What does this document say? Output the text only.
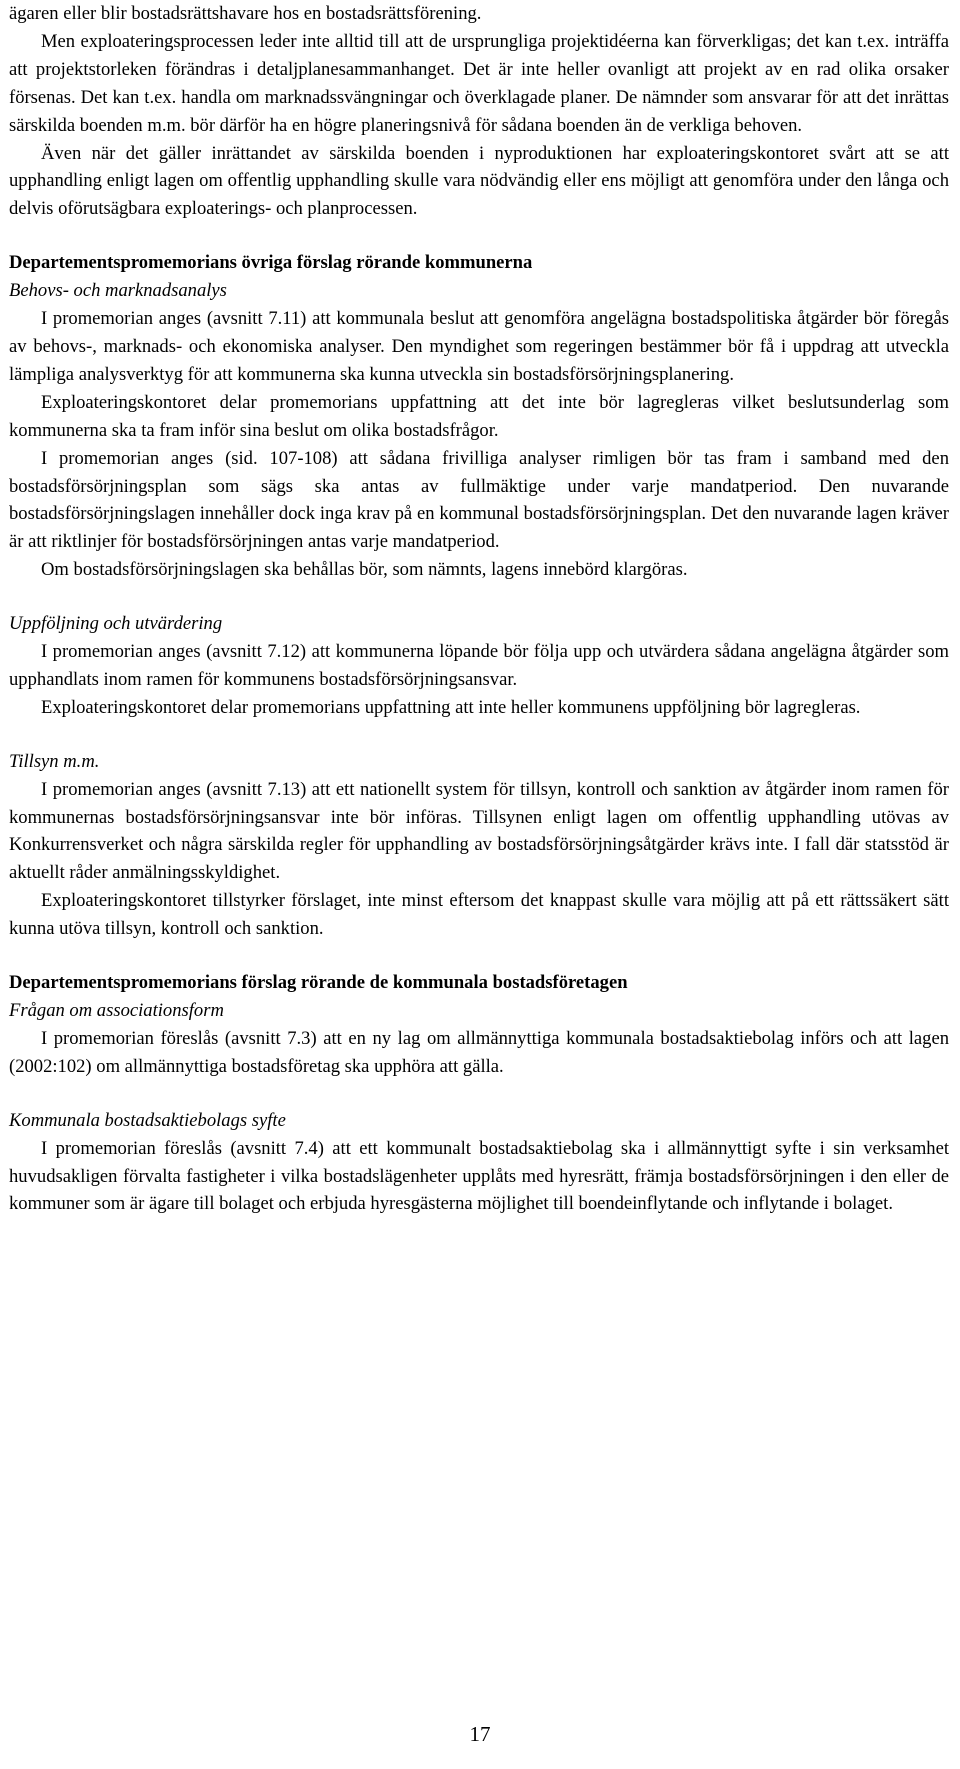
ägaren eller blir bostadsrättshavare hos en bostadsrättsförening.

Men exploateringsprocessen leder inte alltid till att de ursprungliga projektidéerna kan förverkligas; det kan t.ex. inträffa att projektstorleken förändras i detaljplanesammanhanget. Det är inte heller ovanligt att projekt av en rad olika orsaker försenas. Det kan t.ex. handla om marknadssvängningar och överklagade planer. De nämnder som ansvarar för att det inrättas särskilda boenden m.m. bör därför ha en högre planeringsnivå för sådana boenden än de verkliga behoven.

Även när det gäller inrättandet av särskilda boenden i nyproduktionen har exploateringskontoret svårt att se att upphandling enligt lagen om offentlig upphandling skulle vara nödvändig eller ens möjligt att genomföra under den långa och delvis oförutsägbara exploaterings- och planprocessen.

Departementspromemorians övriga förslag rörande kommunerna

Behovs- och marknadsanalys

I promemorian anges (avsnitt 7.11) att kommunala beslut att genomföra angelägna bostadspolitiska åtgärder bör föregås av behovs-, marknads- och ekonomiska analyser. Den myndighet som regeringen bestämmer bör få i uppdrag att utveckla lämpliga analysverktyg för att kommunerna ska kunna utveckla sin bostadsförsörjningsplanering.

Exploateringskontoret delar promemorians uppfattning att det inte bör lagregleras vilket beslutsunderlag som kommunerna ska ta fram inför sina beslut om olika bostadsfrågor.

I promemorian anges (sid. 107-108) att sådana frivilliga analyser rimligen bör tas fram i samband med den bostadsförsörjningsplan som sägs ska antas av fullmäktige under varje mandatperiod. Den nuvarande bostadsförsörjningslagen innehåller dock inga krav på en kommunal bostadsförsörjningsplan. Det den nuvarande lagen kräver är att riktlinjer för bostadsförsörjningen antas varje mandatperiod.

Om bostadsförsörjningslagen ska behållas bör, som nämnts, lagens innebörd klargöras.

Uppföljning och utvärdering

I promemorian anges (avsnitt 7.12) att kommunerna löpande bör följa upp och utvärdera sådana angelägna åtgärder som upphandlats inom ramen för kommunens bostadsförsörjningsansvar.

Exploateringskontoret delar promemorians uppfattning att inte heller kommunens uppföljning bör lagregleras.

Tillsyn m.m.

I promemorian anges (avsnitt 7.13) att ett nationellt system för tillsyn, kontroll och sanktion av åtgärder inom ramen för kommunernas bostadsförsörjningsansvar inte bör införas. Tillsynen enligt lagen om offentlig upphandling utövas av Konkurrensverket och några särskilda regler för upphandling av bostadsförsörjningsåtgärder krävs inte. I fall där statsstöd är aktuellt råder anmälningsskyldighet.

Exploateringskontoret tillstyrker förslaget, inte minst eftersom det knappast skulle vara möjlig att på ett rättssäkert sätt kunna utöva tillsyn, kontroll och sanktion.

Departementspromemorians förslag rörande de kommunala bostadsföretagen

Frågan om associationsform

I promemorian föreslås (avsnitt 7.3) att en ny lag om allmännyttiga kommunala bostadsaktiebolag införs och att lagen (2002:102) om allmännyttiga bostadsföretag ska upphöra att gälla.

Kommunala bostadsaktiebolags syfte

I promemorian föreslås (avsnitt 7.4) att ett kommunalt bostadsaktiebolag ska i allmännyttigt syfte i sin verksamhet huvudsakligen förvalta fastigheter i vilka bostadslägenheter upplåts med hyresrätt, främja bostadsförsörjningen i den eller de kommuner som är ägare till bolaget och erbjuda hyresgästerna möjlighet till boendeinflytande och inflytande i bolaget.

17
